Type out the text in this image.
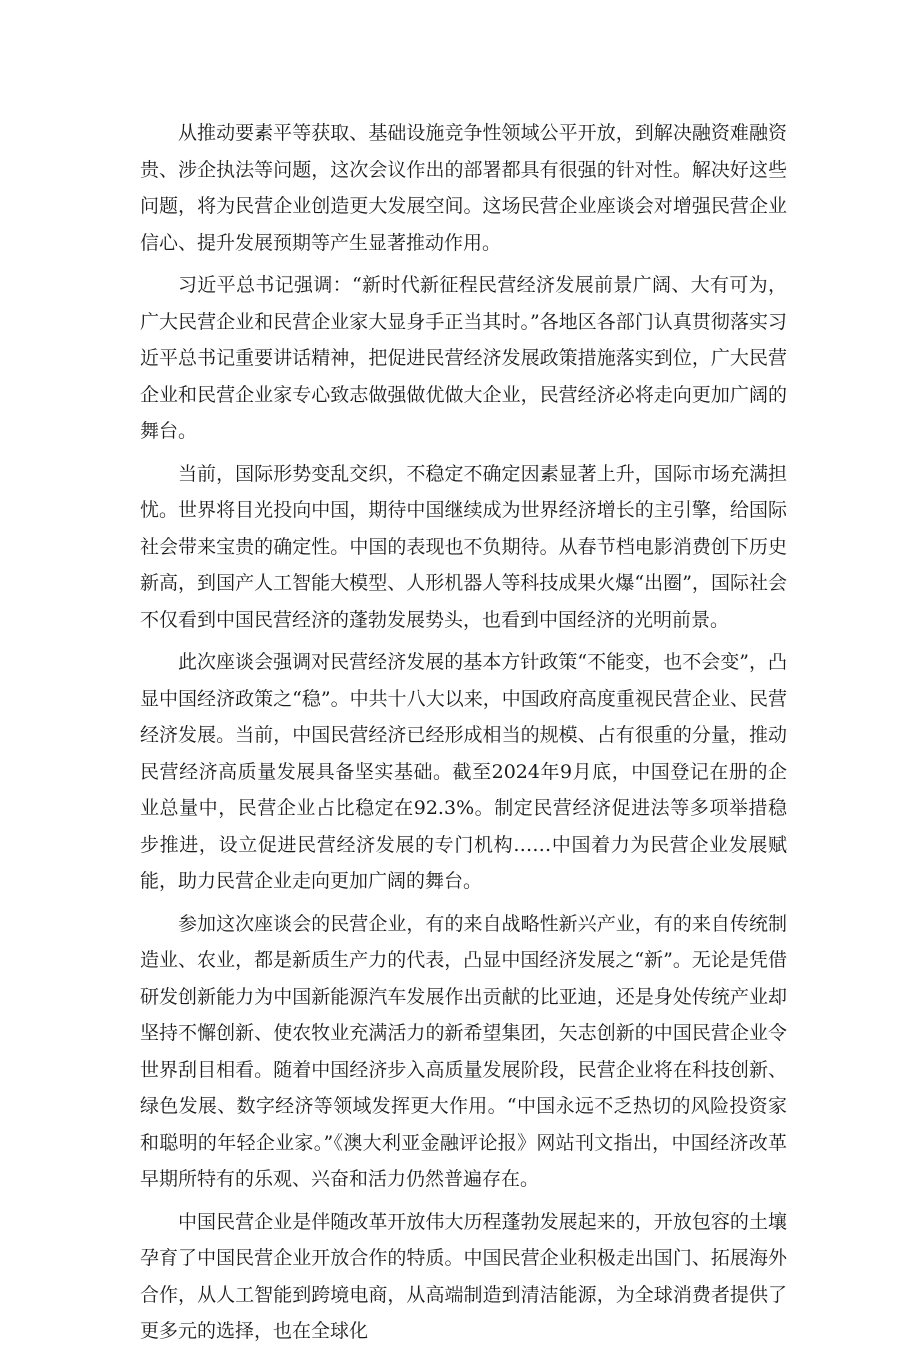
从推动要素平等获取、基础设施竞争性领域公平开放，到解决融资难融资贵、涉企执法等问题，这次会议作出的部署都具有很强的针对性。解决好这些问题，将为民营企业创造更大发展空间。这场民营企业座谈会对增强民营企业信心、提升发展预期等产生显著推动作用。

习近平总书记强调：“新时代新征程民营经济发展前景广阔、大有可为，广大民营企业和民营企业家大显身手正当其时。”各地区各部门认真贯彻落实习近平总书记重要讲话精神，把促进民营经济发展政策措施落实到位，广大民营企业和民营企业家专心致志做强做优做大企业，民营经济必将走向更加广阔的舞台。

当前，国际形势变乱交织，不稳定不确定因素显著上升，国际市场充满担忧。世界将目光投向中国，期待中国继续成为世界经济增长的主引擎，给国际社会带来宝贵的确定性。中国的表现也不负期待。从春节档电影消费创下历史新高，到国产人工智能大模型、人形机器人等科技成果火爆“出圈”，国际社会不仅看到中国民营经济的蓬勃发展势头，也看到中国经济的光明前景。

此次座谈会强调对民营经济发展的基本方针政策“不能变，也不会变”，凸显中国经济政策之“稳”。中共十八大以来，中国政府高度重视民营企业、民营经济发展。当前，中国民营经济已经形成相当的规模、占有很重的分量，推动民营经济高质量发展具备坚实基础。截至2024年9月底，中国登记在册的企业总量中，民营企业占比稳定在92.3%。制定民营经济促进法等多项举措稳步推进，设立促进民营经济发展的专门机构……中国着力为民营企业发展赋能，助力民营企业走向更加广阔的舞台。

参加这次座谈会的民营企业，有的来自战略性新兴产业，有的来自传统制造业、农业，都是新质生产力的代表，凸显中国经济发展之“新”。无论是凭借研发创新能力为中国新能源汽车发展作出贡献的比亚迪，还是身处传统产业却坚持不懈创新、使农牧业充满活力的新希望集团，矢志创新的中国民营企业令世界刮目相看。随着中国经济步入高质量发展阶段，民营企业将在科技创新、绿色发展、数字经济等领域发挥更大作用。“中国永远不乏热切的风险投资家和聪明的年轻企业家。”《澳大利亚金融评论报》网站刊文指出，中国经济改革早期所特有的乐观、兴奋和活力仍然普遍存在。

中国民营企业是伴随改革开放伟大历程蓬勃发展起来的，开放包容的土壤孕育了中国民营企业开放合作的特质。中国民营企业积极走出国门、拓展海外合作，从人工智能到跨境电商，从高端制造到清洁能源，为全球消费者提供了更多元的选择，也在全球化
